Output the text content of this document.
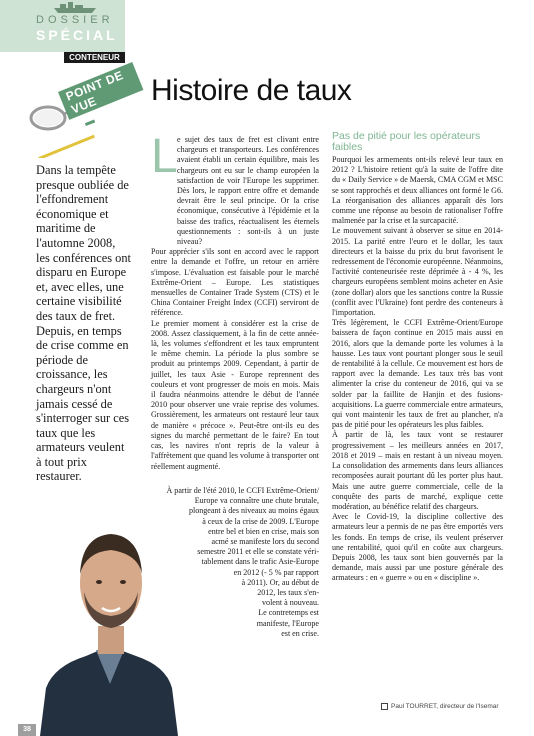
DOSSIER
SPÉCIAL
CONTENEUR
Histoire de taux
POINT DE VUE
Dans la tempête presque oubliée de l'effondrement économique et maritime de l'automne 2008, les conférences ont disparu en Europe et, avec elles, une certaine visibilité des taux de fret. Depuis, en temps de crise comme en période de croissance, les chargeurs n'ont jamais cessé de s'interroger sur ces taux que les armateurs veulent à tout prix restaurer.
L e sujet des taux de fret est clivant entre chargeurs et transporteurs. Les conférences avaient établi un certain équilibre, mais les chargeurs ont eu sur le champ européen la satisfaction de voir l'Europe les supprimer. Dès lors, le rapport entre offre et demande devrait être le seul principe. Or la crise économique, consécutive à l'épidémie et la baisse des trafics, réactualisent les éternels questionnements : sont-ils à un juste niveau?

Pour apprécier s'ils sont en accord avec le rapport entre la demande et l'offre, un retour en arrière s'impose. L'évaluation est faisable pour le marché Extrême-Orient – Europe. Les statistiques mensuelles de Container Trade System (CTS) et le China Container Freight Index (CCFI) serviront de référence.

Le premier moment à considérer est la crise de 2008. Assez classiquement, à la fin de cette année-là, les volumes s'effondrent et les taux empruntent le même chemin. La période la plus sombre se produit au printemps 2009. Cependant, à partir de juillet, les taux Asie - Europe reprennent des couleurs et vont progresser de mois en mois. Mais il faudra néanmoins attendre le début de l'année 2010 pour observer une vraie reprise des volumes. Grossièrement, les armateurs ont restauré leur taux de manière « précoce ». Peut-être ont-ils eu des signes du marché permettant de le faire? En tout cas, les navires n'ont repris de la valeur à l'affrètement que quand les volume à transporter ont réellement augmenté.

À partir de l'été 2010, le CCFI Extrême-Orient/
Europe va connaître une chute brutale,
plongeant à des niveaux au moins égaux
à ceux de la crise de 2009. L'Europe
entre bel et bien en crise, mais son
acmé se manifeste lors du second
semestre 2011 et elle se constate véri-
tablement dans le trafic Asie-Europe
en 2012 (- 5 % par rapport
à 2011). Or, au début de
2012, les taux s'en-
volent à nouveau.
Le contretemps est
manifeste, l'Europe
est en crise.
Pas de pitié pour les opérateurs faibles

Pourquoi les armements ont-ils relevé leur taux en 2012 ? L'histoire retient qu'à la suite de l'offre dite du « Daily Service » de Maersk, CMA CGM et MSC se sont rapprochés et deux alliances ont formé le G6. La réorganisation des alliances apparaît dès lors comme une réponse au besoin de rationaliser l'offre malmenée par la crise et la surcapacité.

Le mouvement suivant à observer se situe en 2014-2015. La parité entre l'euro et le dollar, les taux directeurs et la baisse du prix du brut favorisent le redressement de l'économie européenne. Néanmoins, l'activité conteneurisée reste déprimée à - 4 %, les chargeurs européens semblent moins acheter en Asie (zone dollar) alors que les sanctions contre la Russie (conflit avec l'Ukraine) font perdre des conteneurs à l'importation.

Très légèrement, le CCFI Extrême-Orient/Europe baissera de façon continue en 2015 mais aussi en 2016, alors que la demande porte les volumes à la hausse. Les taux vont pourtant plonger sous le seuil de rentabilité à la cellule. Ce mouvement est hors de rapport avec la demande. Les taux très bas vont alimenter la crise du conteneur de 2016, qui va se solder par la faillite de Hanjin et des fusions-acquisitions. La guerre commerciale entre armateurs, qui vont maintenir les taux de fret au plancher, n'a pas de pitié pour les opérateurs les plus faibles.

À partir de là, les taux vont se restaurer progressivement – les meilleurs années en 2017, 2018 et 2019 – mais en restant à un niveau moyen. La consolidation des armements dans leurs alliances recomposées aurait pourtant dû les porter plus haut. Mais une autre guerre commerciale, celle de la conquête des parts de marché, explique cette modération, au bénéfice relatif des chargeurs.

Avec le Covid-19, la discipline collective des armateurs leur a permis de ne pas être emportés vers les fonds. En temps de crise, ils veulent préserver une rentabilité, quoi qu'il en coûte aux chargeurs. Depuis 2008, les taux sont bien gouvernés par la demande, mais aussi par une posture générale des armateurs : en « guerre » ou en « discipline ».

Paul TOURRET, directeur de l'Isemar
38
